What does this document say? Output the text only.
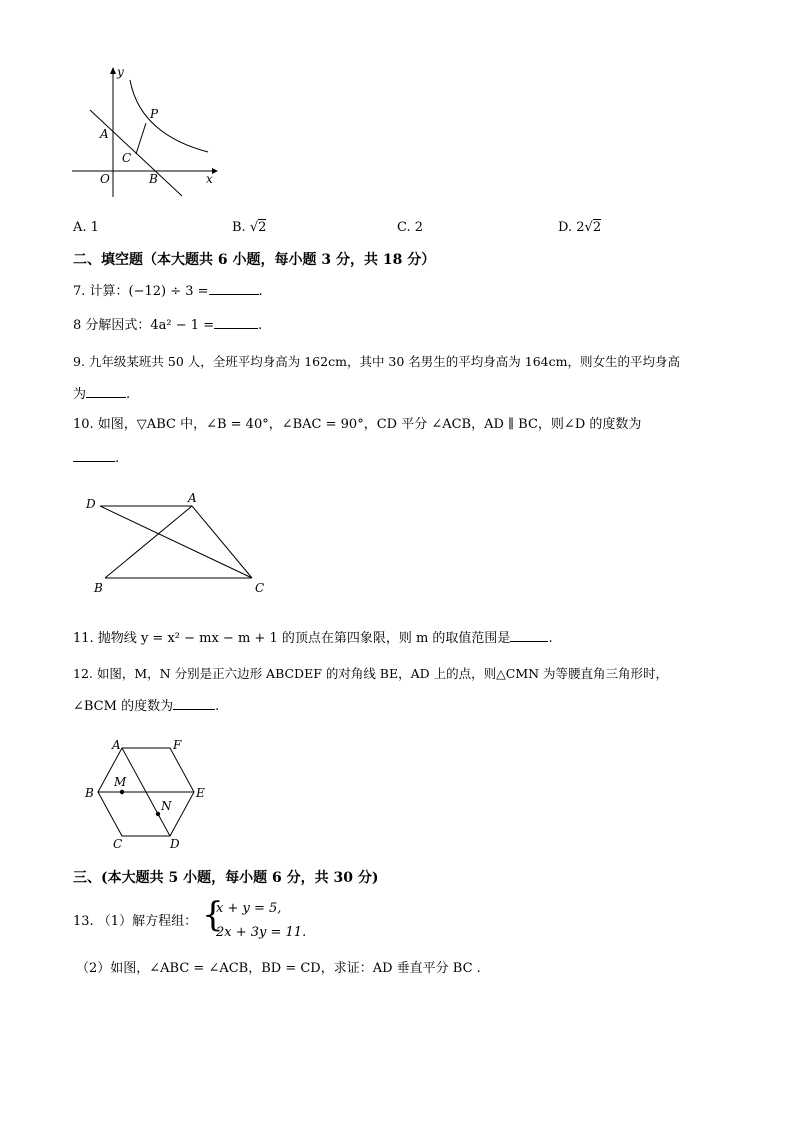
y
x
O
A
B
C
P
A. 1	B. √2	C. 2	D. 2√2
二、填空题（本大题共 6 小题，每小题 3 分，共 18 分）
7. 计算：(−12) ÷ 3 =	.
8 分解因式：4a² − 1 =	.
9. 九年级某班共 50 人，全班平均身高为 162cm，其中 30 名男生的平均身高为 164cm，则女生的平均身高
为	.
10. 如图，▽ABC 中，∠B = 40°，∠BAC = 90°，CD 平分 ∠ACB，AD ∥ BC，则∠D 的度数为
.
D	A
B	C
11. 抛物线 y = x² − mx − m + 1 的顶点在第四象限，则 m 的取值范围是	.
12. 如图，M，N 分别是正六边形 ABCDEF 的对角线 BE，AD 上的点，则△CMN 为等腰直角三角形时，
∠BCM 的度数为	.
A	F
B	E
C	D
M
N
三、(本大题共 5 小题，每小题 6 分，共 30 分)
13. （1）解方程组： {
x + y = 5,
2x + 3y = 11.
（2）如图，∠ABC = ∠ACB，BD = CD，求证：AD 垂直平分 BC .
